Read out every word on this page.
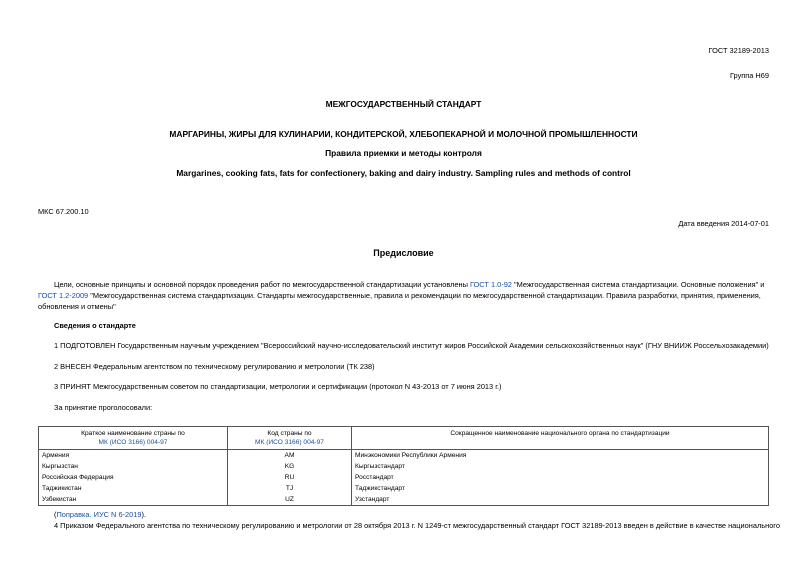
ГОСТ 32189-2013
Группа Н69
МЕЖГОСУДАРСТВЕННЫЙ СТАНДАРТ
МАРГАРИНЫ, ЖИРЫ ДЛЯ КУЛИНАРИИ, КОНДИТЕРСКОЙ, ХЛЕБОПЕКАРНОЙ И МОЛОЧНОЙ ПРОМЫШЛЕННОСТИ
Правила приемки и методы контроля
Margarines, cooking fats, fats for confectionery, baking and dairy industry. Sampling rules and methods of control
МКС 67.200.10
Дата введения 2014-07-01
Предисловие
Цели, основные принципы и основной порядок проведения работ по межгосударственной стандартизации установлены ГОСТ 1.0-92 "Межгосударственная система стандартизации. Основные положения" и ГОСТ 1.2-2009 "Межгосударственная система стандартизации. Стандарты межгосударственные, правила и рекомендации по межгосударственной стандартизации. Правила разработки, принятия, применения, обновления и отмены"
Сведения о стандарте
1 ПОДГОТОВЛЕН Государственным научным учреждением "Всероссийский научно-исследовательский институт жиров Российской Академии сельскохозяйственных наук" (ГНУ ВНИИЖ Россельхозакадемии)
2 ВНЕСЕН Федеральным агентством по техническому регулированию и метрологии (ТК 238)
3 ПРИНЯТ Межгосударственным советом по стандартизации, метрологии и сертификации (протокол N 43-2013 от 7 июня 2013 г.)
За принятие проголосовали:
Краткое наименование страны по
МК (ИСО 3166) 004-97	Код страны по
МК (ИСО 3166) 004-97	Сокращенное наименование национального органа по стандартизации
Армения	AM	Минэкономики Республики Армения
Кыргызстан	KG	Кыргызстандарт
Российская Федерация	RU	Росстандарт
Таджикистан	TJ	Таджикстандарт
Узбекистан	UZ	Узстандарт
(Поправка. ИУС N 6-2019).
4 Приказом Федерального агентства по техническому регулированию и метрологии от 28 октября 2013 г. N 1249-ст межгосударственный стандарт ГОСТ 32189-2013 введен в действие в качестве национального
